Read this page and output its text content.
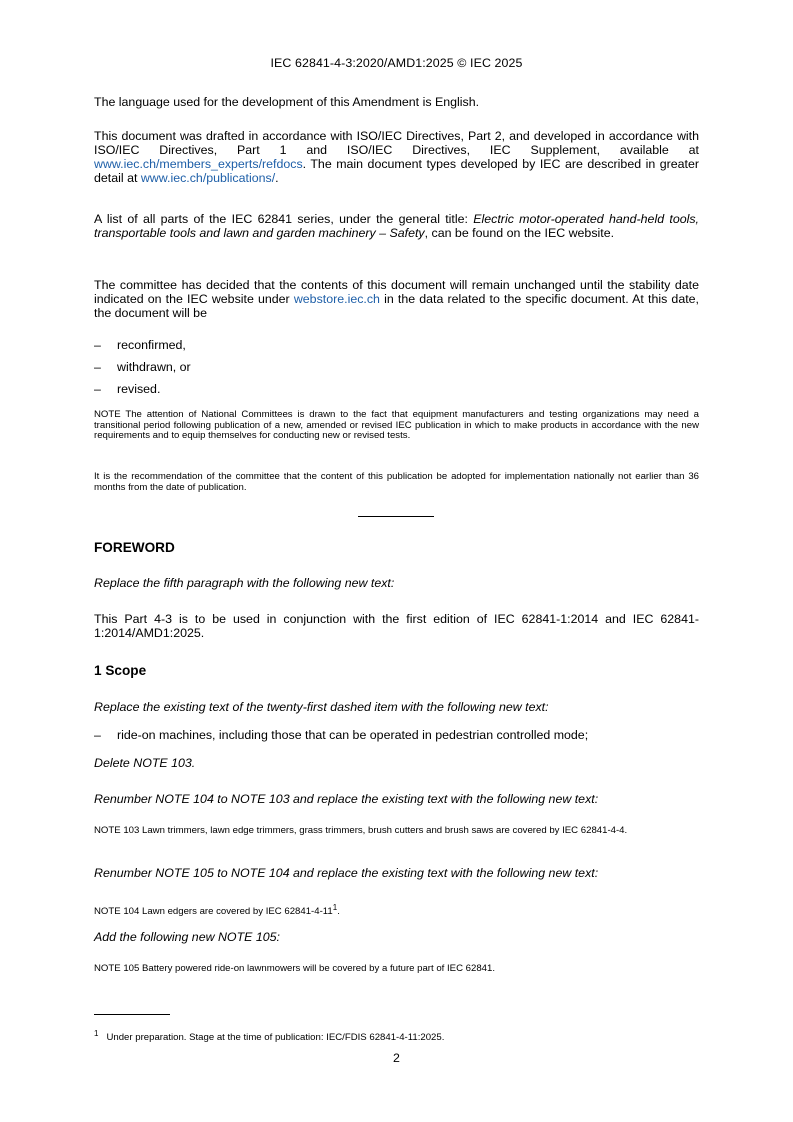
IEC 62841-4-3:2020/AMD1:2025 © IEC 2025

The language used for the development of this Amendment is English.

This document was drafted in accordance with ISO/IEC Directives, Part 2, and developed in accordance with ISO/IEC Directives, Part 1 and ISO/IEC Directives, IEC Supplement, available at www.iec.ch/members_experts/refdocs. The main document types developed by IEC are described in greater detail at www.iec.ch/publications/.

A list of all parts of the IEC 62841 series, under the general title: Electric motor-operated hand-held tools, transportable tools and lawn and garden machinery – Safety, can be found on the IEC website.

The committee has decided that the contents of this document will remain unchanged until the stability date indicated on the IEC website under webstore.iec.ch in the data related to the specific document. At this date, the document will be

– reconfirmed,
– withdrawn, or
– revised.

NOTE The attention of National Committees is drawn to the fact that equipment manufacturers and testing organizations may need a transitional period following publication of a new, amended or revised IEC publication in which to make products in accordance with the new requirements and to equip themselves for conducting new or revised tests.

It is the recommendation of the committee that the content of this publication be adopted for implementation nationally not earlier than 36 months from the date of publication.

FOREWORD

Replace the fifth paragraph with the following new text:

This Part 4-3 is to be used in conjunction with the first edition of IEC 62841-1:2014 and IEC 62841-1:2014/AMD1:2025.

1 Scope

Replace the existing text of the twenty-first dashed item with the following new text:

– ride-on machines, including those that can be operated in pedestrian controlled mode;

Delete NOTE 103.

Renumber NOTE 104 to NOTE 103 and replace the existing text with the following new text:

NOTE 103 Lawn trimmers, lawn edge trimmers, grass trimmers, brush cutters and brush saws are covered by IEC 62841-4-4.

Renumber NOTE 105 to NOTE 104 and replace the existing text with the following new text:

NOTE 104 Lawn edgers are covered by IEC $62841-4-11^1$.

Add the following new NOTE 105:

NOTE 105 Battery powered ride-on lawnmowers will be covered by a future part of IEC 62841.

$^1$ Under preparation. Stage at the time of publication: IEC/FDIS 62841-4-11:2025.

2
